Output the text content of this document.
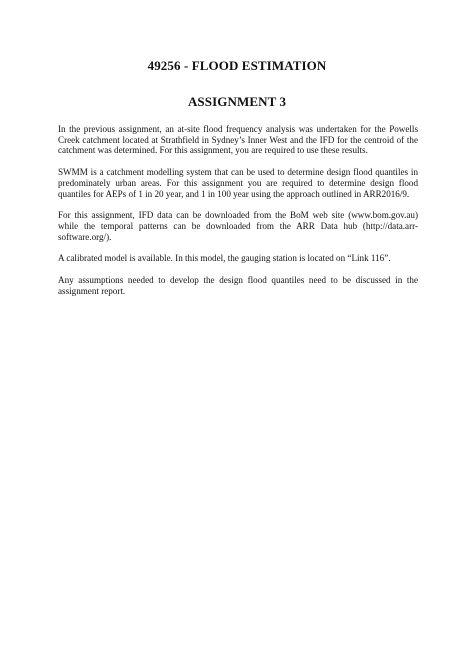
49256 - FLOOD ESTIMATION
ASSIGNMENT 3

In the previous assignment, an at-site flood frequency analysis was undertaken for the Powells Creek catchment located at Strathfield in Sydney’s Inner West and the IFD for the centroid of the catchment was determined. For this assignment, you are required to use these results.

SWMM is a catchment modelling system that can be used to determine design flood quantiles in predominately urban areas. For this assignment you are required to determine design flood quantiles for AEPs of 1 in 20 year, and 1 in 100 year using the approach outlined in ARR2016/9.

For this assignment, IFD data can be downloaded from the BoM web site (www.bom.gov.au) while the temporal patterns can be downloaded from the ARR Data hub (http://data.arr-software.org/).

A calibrated model is available. In this model, the gauging station is located on “Link 116”.

Any assumptions needed to develop the design flood quantiles need to be discussed in the assignment report.
